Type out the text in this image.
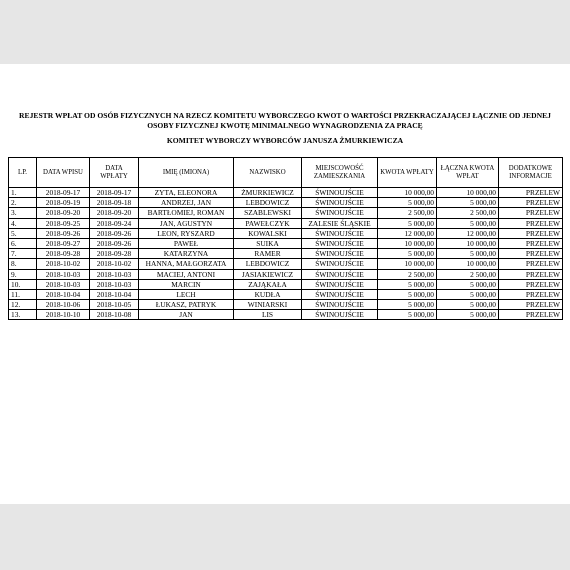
REJESTR WPŁAT OD OSÓB FIZYCZNYCH NA RZECZ KOMITETU WYBORCZEGO KWOT O WARTOŚCI PRZEKRACZAJĄCEJ ŁĄCZNIE OD JEDNEJ OSOBY FIZYCZNEJ KWOTĘ MINIMALNEGO WYNAGRODZENIA ZA PRACĘ
KOMITET WYBORCZY WYBORCÓW JANUSZA ŻMURKIEWICZA
LP.	DATA WPISU	DATA WPŁATY	IMIĘ (IMIONA)	NAZWISKO	MIEJSCOWOŚĆ ZAMIESZKANIA	KWOTA WPŁATY	ŁĄCZNA KWOTA WPŁAT	DODATKOWE INFORMACJE
1.	2018-09-17	2018-09-17	ZYTA, ELEONORA	ŻMURKIEWICZ	ŚWINOUJŚCIE	10 000,00	10 000,00	PRZELEW
2.	2018-09-19	2018-09-18	ANDRZEJ, JAN	LEBDOWICZ	ŚWINOUJŚCIE	5 000,00	5 000,00	PRZELEW
3.	2018-09-20	2018-09-20	BARTŁOMIEJ, ROMAN	SZABLEWSKI	ŚWINOUJŚCIE	2 500,00	2 500,00	PRZELEW
4.	2018-09-25	2018-09-24	JAN, AGUSTYN	PAWEŁCZYK	ZALESIE ŚLĄSKIE	5 000,00	5 000,00	PRZELEW
5.	2018-09-26	2018-09-26	LEON, RYSZARD	KOWALSKI	ŚWINOUJŚCIE	12 000,00	12 000,00	PRZELEW
6.	2018-09-27	2018-09-26	PAWEŁ	SUIKA	ŚWINOUJŚCIE	10 000,00	10 000,00	PRZELEW
7.	2018-09-28	2018-09-28	KATARZYNA	RAMER	ŚWINOUJŚCIE	5 000,00	5 000,00	PRZELEW
8.	2018-10-02	2018-10-02	HANNA, MAŁGORZATA	LEBDOWICZ	ŚWINOUJŚCIE	10 000,00	10 000,00	PRZELEW
9.	2018-10-03	2018-10-03	MACIEJ, ANTONI	JASIAKIEWICZ	ŚWINOUJŚCIE	2 500,00	2 500,00	PRZELEW
10.	2018-10-03	2018-10-03	MARCIN	ZAJĄKAŁA	ŚWINOUJŚCIE	5 000,00	5 000,00	PRZELEW
11.	2018-10-04	2018-10-04	LECH	KUDŁA	ŚWINOUJŚCIE	5 000,00	5 000,00	PRZELEW
12.	2018-10-06	2018-10-05	ŁUKASZ, PATRYK	WINIARSKI	ŚWINOUJŚCIE	5 000,00	5 000,00	PRZELEW
13.	2018-10-10	2018-10-08	JAN	LIS	ŚWINOUJŚCIE	5 000,00	5 000,00	PRZELEW
